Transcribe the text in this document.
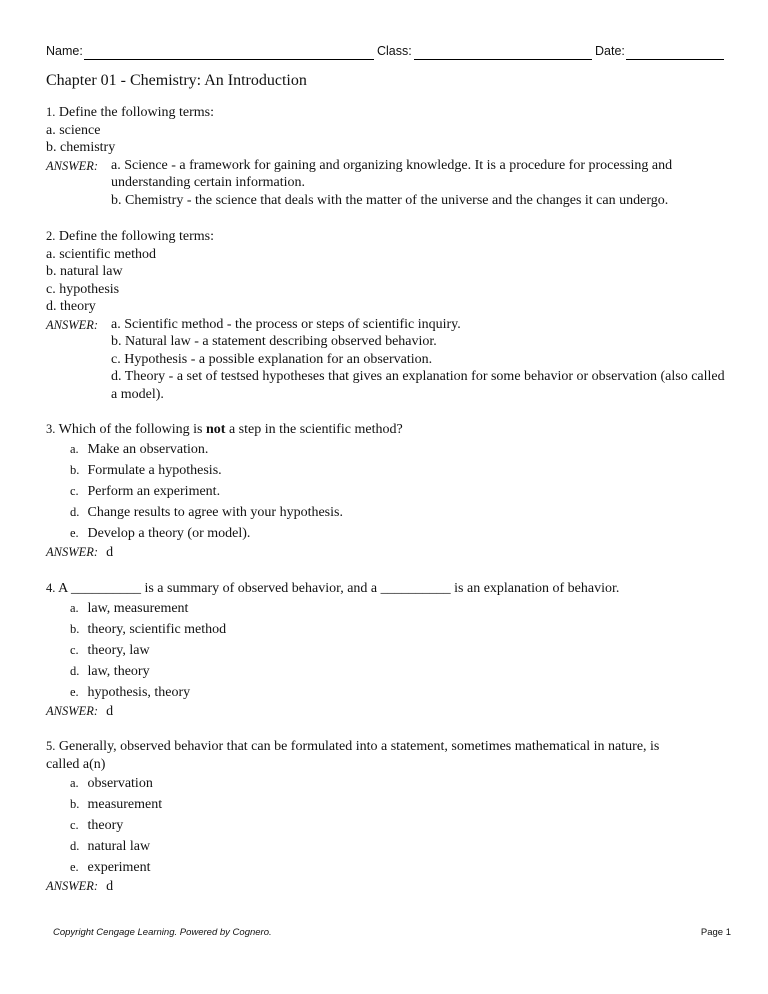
Name:	Class:	Date:
Chapter 01 - Chemistry: An Introduction
1. Define the following terms:
a. science
b. chemistry
ANSWER: a. Science - a framework for gaining and organizing knowledge. It is a procedure for processing and understanding certain information.
b. Chemistry - the science that deals with the matter of the universe and the changes it can undergo.
2. Define the following terms:
a. scientific method
b. natural law
c. hypothesis
d. theory
ANSWER: a. Scientific method - the process or steps of scientific inquiry.
b. Natural law - a statement describing observed behavior.
c. Hypothesis - a possible explanation for an observation.
d. Theory - a set of testsed hypotheses that gives an explanation for some behavior or observation (also called a model).
3. Which of the following is not a step in the scientific method?
a. Make an observation.
b. Formulate a hypothesis.
c. Perform an experiment.
d. Change results to agree with your hypothesis.
e. Develop a theory (or model).
ANSWER: d
4. A __________ is a summary of observed behavior, and a __________ is an explanation of behavior.
a. law, measurement
b. theory, scientific method
c. theory, law
d. law, theory
e. hypothesis, theory
ANSWER: d
5. Generally, observed behavior that can be formulated into a statement, sometimes mathematical in nature, is
called a(n)
a. observation
b. measurement
c. theory
d. natural law
e. experiment
ANSWER: d
Copyright Cengage Learning. Powered by Cognero.	Page 1
